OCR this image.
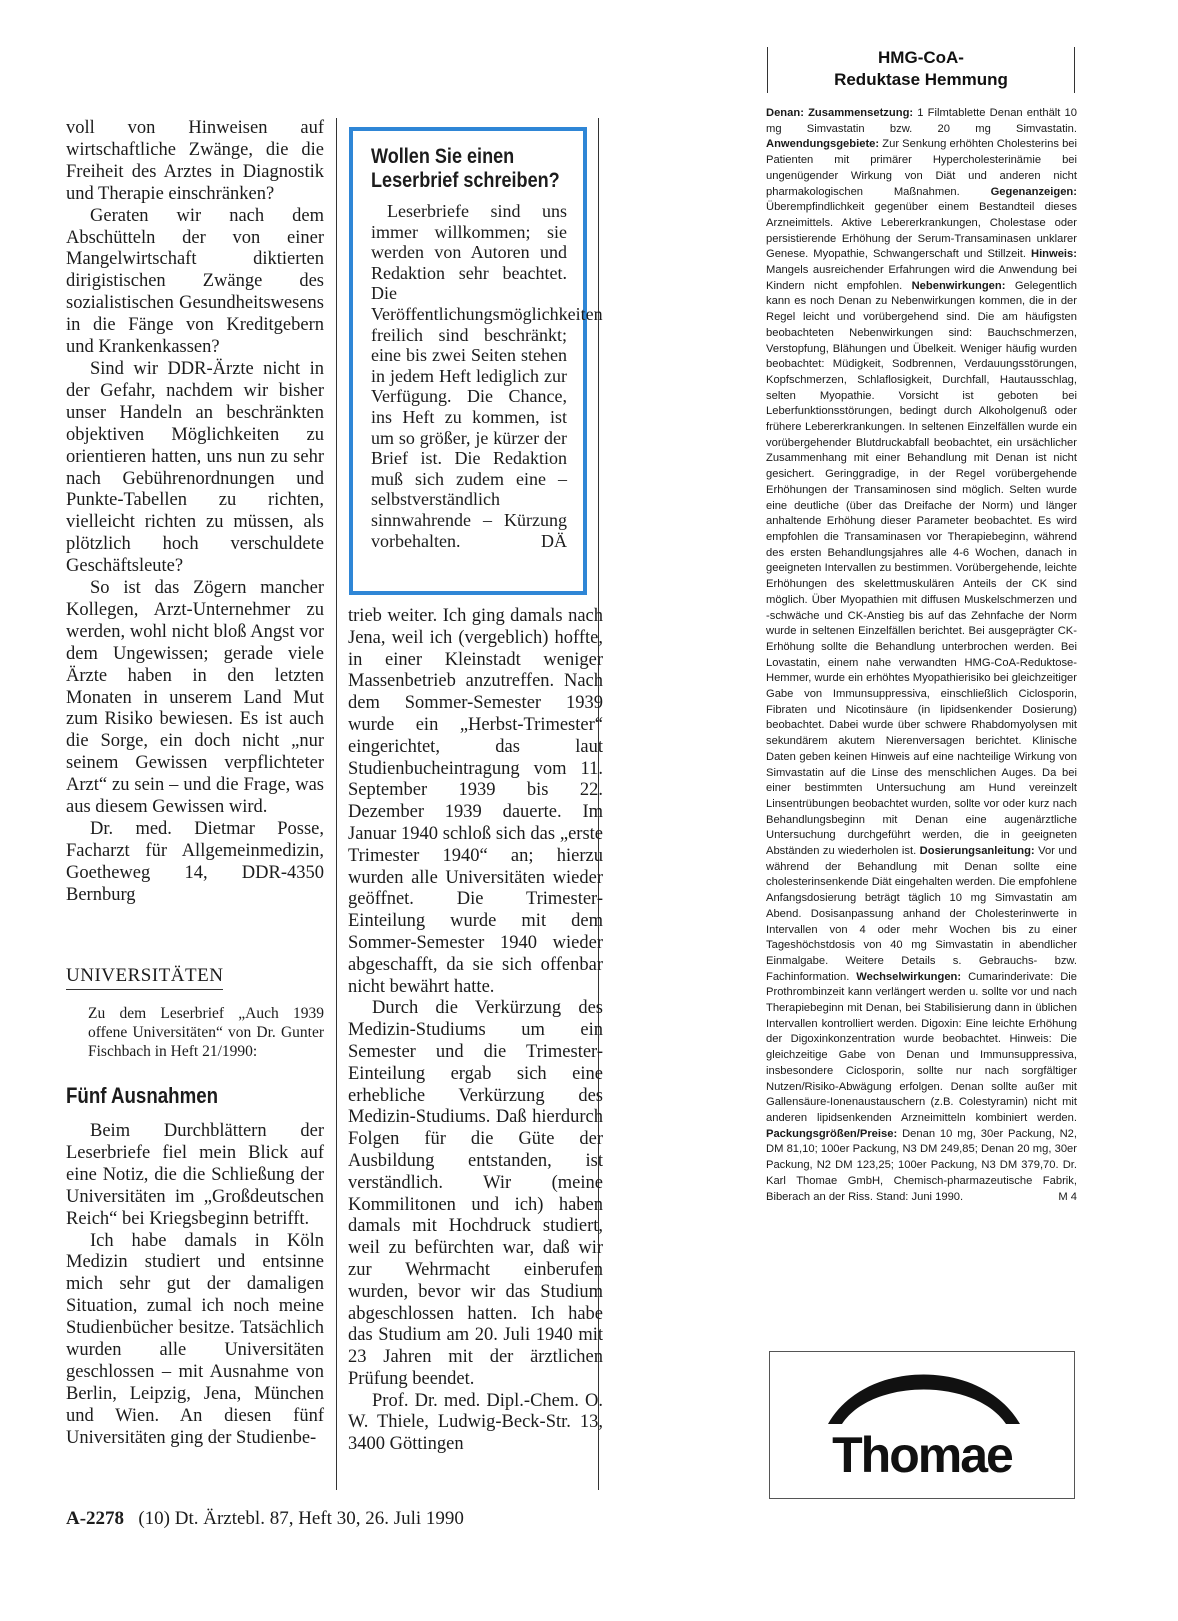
voll von Hinweisen auf wirtschaftliche Zwänge, die die Freiheit des Arztes in Diagnostik und Therapie einschränken?

Geraten wir nach dem Abschütteln der von einer Mangelwirtschaft diktierten dirigistischen Zwänge des sozialistischen Gesundheitswesens in die Fänge von Kreditgebern und Krankenkassen?

Sind wir DDR-Ärzte nicht in der Gefahr, nachdem wir bisher unser Handeln an beschränkten objektiven Möglichkeiten zu orientieren hatten, uns nun zu sehr nach Gebührenordnungen und Punkte-Tabellen zu richten, vielleicht richten zu müssen, als plötzlich hoch verschuldete Geschäftsleute?

So ist das Zögern mancher Kollegen, Arzt-Unternehmer zu werden, wohl nicht bloß Angst vor dem Ungewissen; gerade viele Ärzte haben in den letzten Monaten in unserem Land Mut zum Risiko bewiesen. Es ist auch die Sorge, ein doch nicht „nur seinem Gewissen verpflichteter Arzt“ zu sein – und die Frage, was aus diesem Gewissen wird.

Dr. med. Dietmar Posse, Facharzt für Allgemeinmedizin, Goetheweg 14, DDR-4350 Bernburg

Wollen Sie einen Leserbrief schreiben?

Leserbriefe sind uns immer willkommen; sie werden von Autoren und Redaktion sehr beachtet. Die Veröffentlichungsmöglichkeiten freilich sind beschränkt; eine bis zwei Seiten stehen in jedem Heft lediglich zur Verfügung. Die Chance, ins Heft zu kommen, ist um so größer, je kürzer der Brief ist. Die Redaktion muß sich zudem eine – selbstverständlich sinnwahrende – Kürzung vorbehalten.	DÄ

UNIVERSITÄTEN
Zu dem Leserbrief „Auch 1939 offene Universitäten“ von Dr. Gunter Fischbach in Heft 21/1990:
Fünf Ausnahmen

Beim Durchblättern der Leserbriefe fiel mein Blick auf eine Notiz, die die Schließung der Universitäten im „Großdeutschen Reich“ bei Kriegsbeginn betrifft.

Ich habe damals in Köln Medizin studiert und entsinne mich sehr gut der damaligen Situation, zumal ich noch meine Studienbücher besitze. Tatsächlich wurden alle Universitäten geschlossen – mit Ausnahme von Berlin, Leipzig, Jena, München und Wien. An diesen fünf Universitäten ging der Studienbe-

trieb weiter. Ich ging damals nach Jena, weil ich (vergeblich) hoffte, in einer Kleinstadt weniger Massenbetrieb anzutreffen. Nach dem Sommer-Semester 1939 wurde ein „Herbst-Trimester“ eingerichtet, das laut Studienbucheintragung vom 11. September 1939 bis 22. Dezember 1939 dauerte. Im Januar 1940 schloß sich das „erste Trimester 1940“ an; hierzu wurden alle Universitäten wieder geöffnet. Die Trimester-Einteilung wurde mit dem Sommer-Semester 1940 wieder abgeschafft, da sie sich offenbar nicht bewährt hatte.

Durch die Verkürzung des Medizin-Studiums um ein Semester und die Trimester-Einteilung ergab sich eine erhebliche Verkürzung des Medizin-Studiums. Daß hierdurch Folgen für die Güte der Ausbildung entstanden, ist verständlich. Wir (meine Kommilitonen und ich) haben damals mit Hochdruck studiert, weil zu befürchten war, daß wir zur Wehrmacht einberufen wurden, bevor wir das Studium abgeschlossen hatten. Ich habe das Studium am 20. Juli 1940 mit 23 Jahren mit der ärztlichen Prüfung beendet.

Prof. Dr. med. Dipl.-Chem. O. W. Thiele, Ludwig-Beck-Str. 13, 3400 Göttingen

HMG-CoA-
Reduktase Hemmung
Denan: Zusammensetzung: 1 Filmtablette Denan enthält 10 mg Simvastatin bzw. 20 mg Simvastatin. Anwendungsgebiete: Zur Senkung erhöhten Cholesterins bei Patienten mit primärer Hypercholesterinämie bei ungenügender Wirkung von Diät und anderen nicht pharmakologischen Maßnahmen. Gegenanzeigen: Überempfindlichkeit gegenüber einem Bestandteil dieses Arzneimittels. Aktive Lebererkrankungen, Cholestase oder persistierende Erhöhung der Serum-Transaminasen unklarer Genese. Myopathie, Schwangerschaft und Stillzeit. Hinweis: Mangels ausreichender Erfahrungen wird die Anwendung bei Kindern nicht empfohlen. Nebenwirkungen: Gelegentlich kann es noch Denan zu Nebenwirkungen kommen, die in der Regel leicht und vorübergehend sind. Die am häufigsten beobachteten Nebenwirkungen sind: Bauchschmerzen, Verstopfung, Blähungen und Übelkeit. Weniger häufig wurden beobachtet: Müdigkeit, Sodbrennen, Verdauungsstörungen, Kopfschmerzen, Schlaflosigkeit, Durchfall, Hautausschlag, selten Myopathie. Vorsicht ist geboten bei Leberfunktionsstörungen, bedingt durch Alkoholgenuß oder frühere Lebererkrankungen. In seltenen Einzelfällen wurde ein vorübergehender Blutdruckabfall beobachtet, ein ursächlicher Zusammenhang mit einer Behandlung mit Denan ist nicht gesichert. Geringgradige, in der Regel vorübergehende Erhöhungen der Transaminosen sind möglich. Selten wurde eine deutliche (über das Dreifache der Norm) und länger anhaltende Erhöhung dieser Parameter beobachtet. Es wird empfohlen die Transaminasen vor Therapiebeginn, während des ersten Behandlungsjahres alle 4-6 Wochen, danach in geeigneten Intervallen zu bestimmen. Vorübergehende, leichte Erhöhungen des skelettmuskulären Anteils der CK sind möglich. Über Myopathien mit diffusen Muskelschmerzen und -schwäche und CK-Anstieg bis auf das Zehnfache der Norm wurde in seltenen Einzelfällen berichtet. Bei ausgeprägter CK-Erhöhung sollte die Behandlung unterbrochen werden. Bei Lovastatin, einem nahe verwandten HMG-CoA-Reduktose-Hemmer, wurde ein erhöhtes Myopathierisiko bei gleichzeitiger Gabe von Immunsuppressiva, einschließlich Ciclosporin, Fibraten und Nicotinsäure (in lipidsenkender Dosierung) beobachtet. Dabei wurde über schwere Rhabdomyolysen mit sekundärem akutem Nierenversagen berichtet. Klinische Daten geben keinen Hinweis auf eine nachteilige Wirkung von Simvastatin auf die Linse des menschlichen Auges. Da bei einer bestimmten Untersuchung am Hund vereinzelt Linsentrübungen beobachtet wurden, sollte vor oder kurz nach Behandlungsbeginn mit Denan eine augenärztliche Untersuchung durchgeführt werden, die in geeigneten Abständen zu wiederholen ist. Dosierungsanleitung: Vor und während der Behandlung mit Denan sollte eine cholesterinsenkende Diät eingehalten werden. Die empfohlene Anfangsdosierung beträgt täglich 10 mg Simvastatin am Abend. Dosisanpassung anhand der Cholesterinwerte in Intervallen von 4 oder mehr Wochen bis zu einer Tageshöchstdosis von 40 mg Simvastatin in abendlicher Einmalgabe. Weitere Details s. Gebrauchs- bzw. Fachinformation. Wechselwirkungen: Cumarinderivate: Die Prothrombinzeit kann verlängert werden u. sollte vor und nach Therapiebeginn mit Denan, bei Stabilisierung dann in üblichen Intervallen kontrolliert werden. Digoxin: Eine leichte Erhöhung der Digoxinkonzentration wurde beobachtet. Hinweis: Die gleichzeitige Gabe von Denan und Immunsuppressiva, insbesondere Ciclosporin, sollte nur nach sorgfältiger Nutzen/Risiko-Abwägung erfolgen. Denan sollte außer mit Gallensäure-Ionenaustauschern (z.B. Colestyramin) nicht mit anderen lipidsenkenden Arzneimitteln kombiniert werden. Packungsgrößen/Preise: Denan 10 mg, 30er Packung, N2, DM 81,10; 100er Packung, N3 DM 249,85; Denan 20 mg, 30er Packung, N2 DM 123,25; 100er Packung, N3 DM 379,70. Dr. Karl Thomae GmbH, Chemisch-pharmazeutische Fabrik, Biberach an der Riss. Stand: Juni 1990.	M 4
Thomae
A-2278 (10) Dt. Ärztebl. 87, Heft 30, 26. Juli 1990
